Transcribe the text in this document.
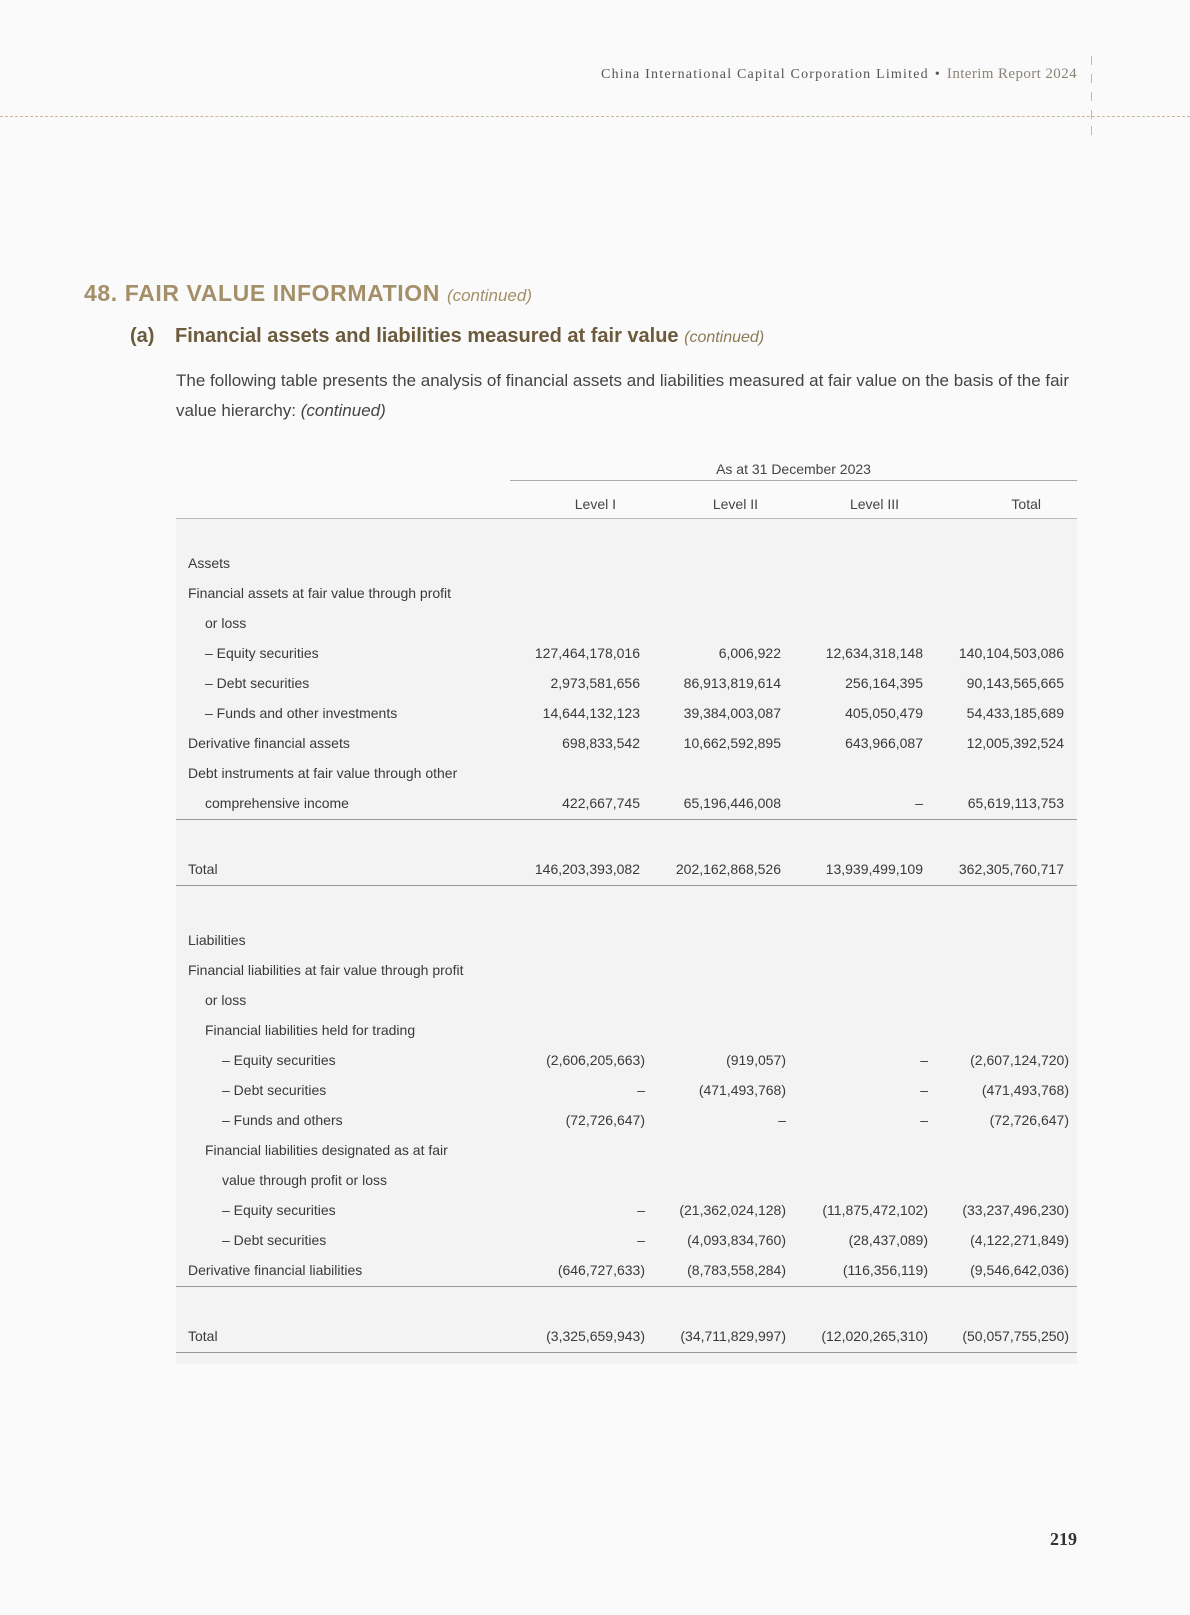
China International Capital Corporation Limited • Interim Report 2024
48. FAIR VALUE INFORMATION (continued)
(a) Financial assets and liabilities measured at fair value (continued)
The following table presents the analysis of financial assets and liabilities measured at fair value on the basis of the fair value hierarchy: (continued)
As at 31 December 2023
Level I	Level II	Level III	Total
Assets
Financial assets at fair value through profit
or loss
– Equity securities	127,464,178,016	6,006,922	12,634,318,148	140,104,503,086
– Debt securities	2,973,581,656	86,913,819,614	256,164,395	90,143,565,665
– Funds and other investments	14,644,132,123	39,384,003,087	405,050,479	54,433,185,689
Derivative financial assets	698,833,542	10,662,592,895	643,966,087	12,005,392,524
Debt instruments at fair value through other
comprehensive income	422,667,745	65,196,446,008	–	65,619,113,753
Total	146,203,393,082	202,162,868,526	13,939,499,109	362,305,760,717
Liabilities
Financial liabilities at fair value through profit
or loss
Financial liabilities held for trading
– Equity securities	(2,606,205,663)	(919,057)	–	(2,607,124,720)
– Debt securities	–	(471,493,768)	–	(471,493,768)
– Funds and others	(72,726,647)	–	–	(72,726,647)
Financial liabilities designated as at fair
value through profit or loss
– Equity securities	–	(21,362,024,128)	(11,875,472,102)	(33,237,496,230)
– Debt securities	–	(4,093,834,760)	(28,437,089)	(4,122,271,849)
Derivative financial liabilities	(646,727,633)	(8,783,558,284)	(116,356,119)	(9,546,642,036)
Total	(3,325,659,943)	(34,711,829,997)	(12,020,265,310)	(50,057,755,250)
219
